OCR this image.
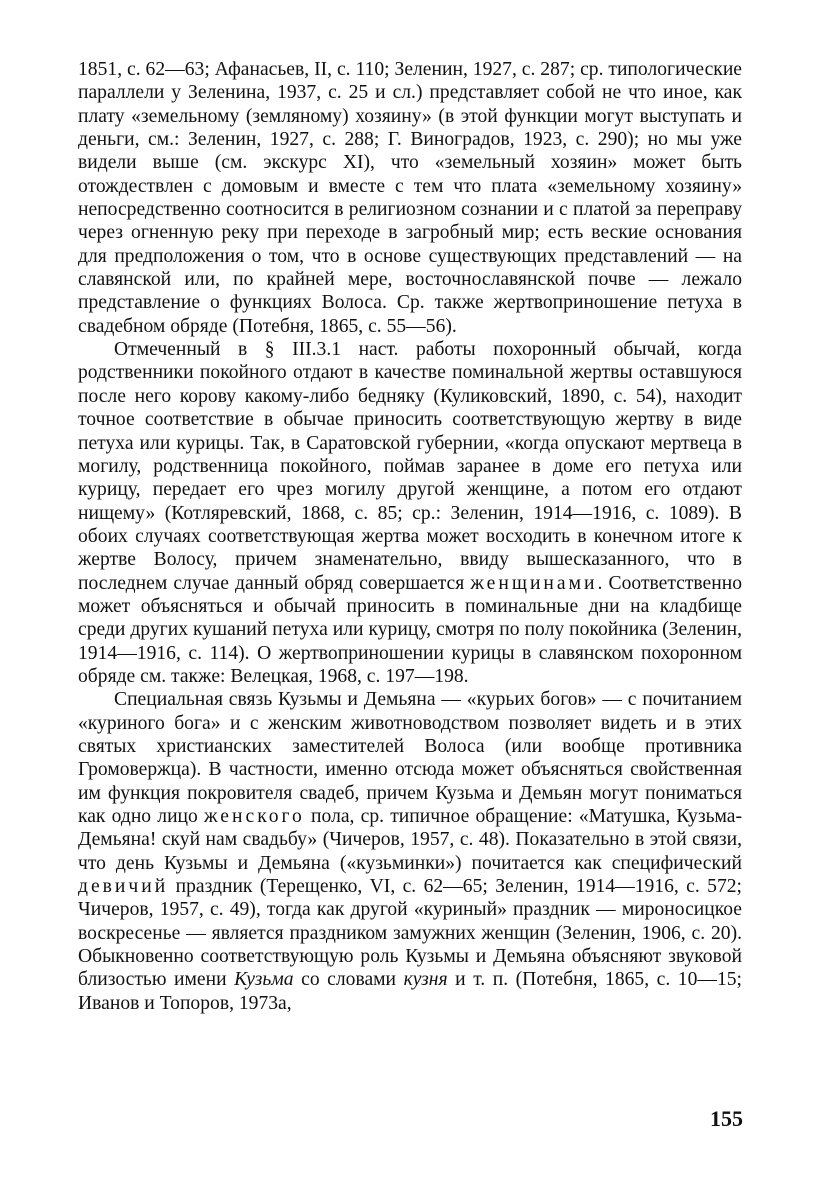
1851, с. 62—63; Афанасьев, II, с. 110; Зеленин, 1927, с. 287; ср. типологические параллели у Зеленина, 1937, с. 25 и сл.) представляет собой не что иное, как плату «земельному (земляному) хозяину» (в этой функции могут выступать и деньги, см.: Зеленин, 1927, с. 288; Г. Виноградов, 1923, с. 290); но мы уже видели выше (см. экскурс XI), что «земельный хозяин» может быть отождествлен с домовым и вместе с тем что плата «земельному хозяину» непосредственно соотносится в религиозном сознании и с платой за переправу через огненную реку при переходе в загробный мир; есть веские основания для предположения о том, что в основе существующих представлений — на славянской или, по крайней мере, восточнославянской почве — лежало представление о функциях Волоса. Ср. также жертвоприношение петуха в свадебном обряде (Потебня, 1865, с. 55—56).

Отмеченный в § III.3.1 наст. работы похоронный обычай, когда родственники покойного отдают в качестве поминальной жертвы оставшуюся после него корову какому-либо бедняку (Куликовский, 1890, с. 54), находит точное соответствие в обычае приносить соответствующую жертву в виде петуха или курицы. Так, в Саратовской губернии, «когда опускают мертвеца в могилу, родственница покойного, поймав заранее в доме его петуха или курицу, передает его чрез могилу другой женщине, а потом его отдают нищему» (Котляревский, 1868, с. 85; ср.: Зеленин, 1914—1916, с. 1089). В обоих случаях соответствующая жертва может восходить в конечном итоге к жертве Волосу, причем знаменательно, ввиду вышесказанного, что в последнем случае данный обряд совершается женщинами. Соответственно может объясняться и обычай приносить в поминальные дни на кладбище среди других кушаний петуха или курицу, смотря по полу покойника (Зеленин, 1914—1916, с. 114). О жертвоприношении курицы в славянском похоронном обряде см. также: Велецкая, 1968, с. 197—198.

Специальная связь Кузьмы и Демьяна — «курьих богов» — с почитанием «куриного бога» и с женским животноводством позволяет видеть и в этих святых христианских заместителей Волоса (или вообще противника Громовержца). В частности, именно отсюда может объясняться свойственная им функция покровителя свадеб, причем Кузьма и Демьян могут пониматься как одно лицо женского пола, ср. типичное обращение: «Матушка, Кузьма-Демьяна! скуй нам свадьбу» (Чичеров, 1957, с. 48). Показательно в этой связи, что день Кузьмы и Демьяна («кузьминки») почитается как специфический девичий праздник (Терещенко, VI, с. 62—65; Зеленин, 1914—1916, с. 572; Чичеров, 1957, с. 49), тогда как другой «куриный» праздник — мироносицкое воскресенье — является праздником замужних женщин (Зеленин, 1906, с. 20). Обыкновенно соответствующую роль Кузьмы и Демьяна объясняют звуковой близостью имени Кузьма со словами кузня и т. п. (Потебня, 1865, с. 10—15; Иванов и Топоров, 1973а,

155
